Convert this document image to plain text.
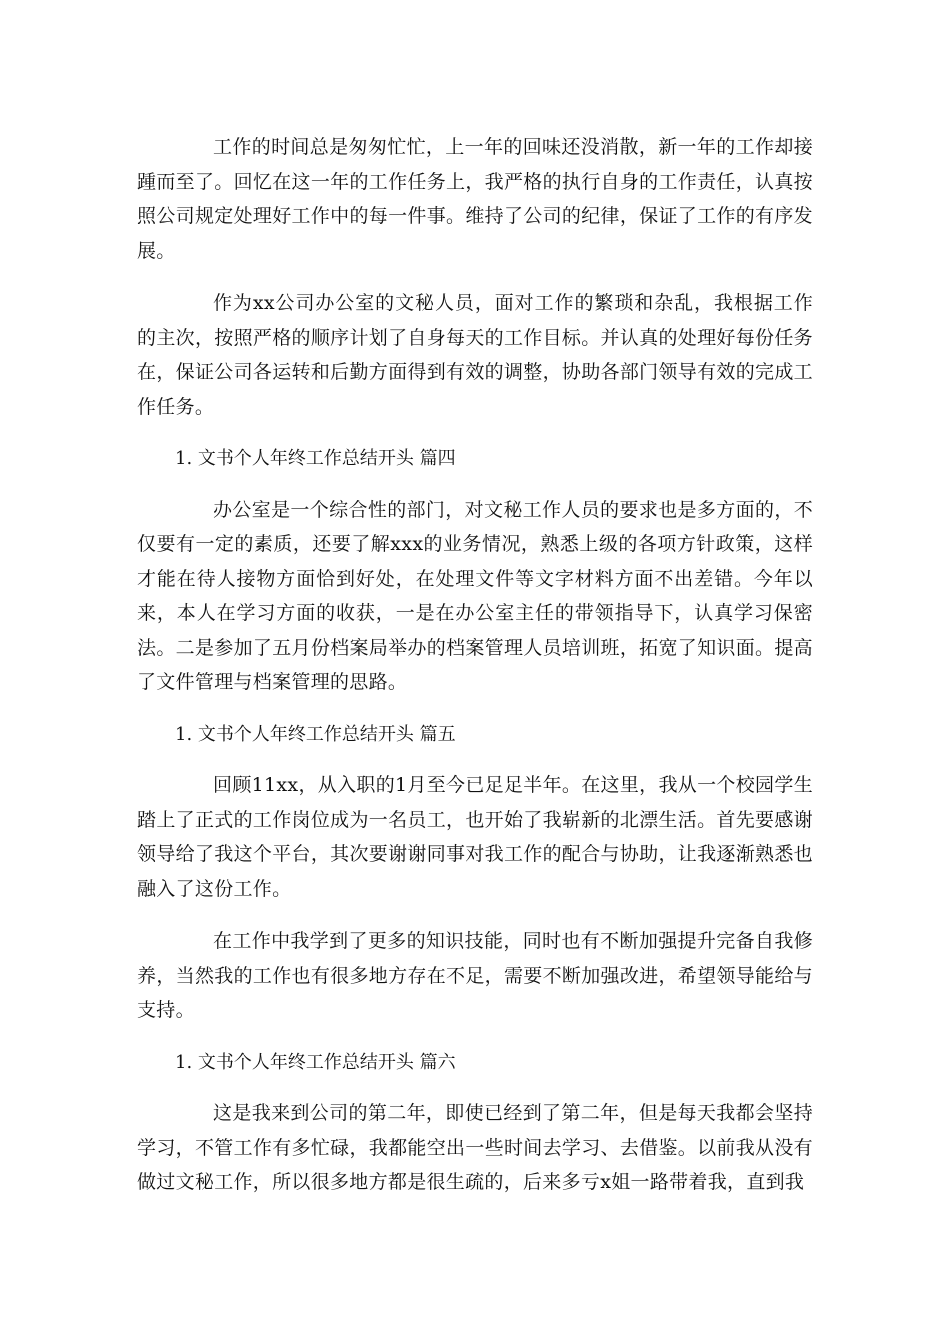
工作的时间总是匆匆忙忙，上一年的回味还没消散，新一年的工作却接踵而至了。回忆在这一年的工作任务上，我严格的执行自身的工作责任，认真按照公司规定处理好工作中的每一件事。维持了公司的纪律，保证了工作的有序发展。

作为xx公司办公室的文秘人员，面对工作的繁琐和杂乱，我根据工作的主次，按照严格的顺序计划了自身每天的工作目标。并认真的处理好每份任务在，保证公司各运转和后勤方面得到有效的调整，协助各部门领导有效的完成工作任务。

1. 文书个人年终工作总结开头 篇四

办公室是一个综合性的部门，对文秘工作人员的要求也是多方面的，不仅要有一定的素质，还要了解xxx的业务情况，熟悉上级的各项方针政策，这样才能在待人接物方面恰到好处，在处理文件等文字材料方面不出差错。今年以来，本人在学习方面的收获，一是在办公室主任的带领指导下，认真学习保密法。二是参加了五月份档案局举办的档案管理人员培训班，拓宽了知识面。提高了文件管理与档案管理的思路。

1. 文书个人年终工作总结开头 篇五

回顾11xx，从入职的1月至今已足足半年。在这里，我从一个校园学生踏上了正式的工作岗位成为一名员工，也开始了我崭新的北漂生活。首先要感谢领导给了我这个平台，其次要谢谢同事对我工作的配合与协助，让我逐渐熟悉也融入了这份工作。

在工作中我学到了更多的知识技能，同时也有不断加强提升完备自我修养，当然我的工作也有很多地方存在不足，需要不断加强改进，希望领导能给与支持。

1. 文书个人年终工作总结开头 篇六

这是我来到公司的第二年，即使已经到了第二年，但是每天我都会坚持学习，不管工作有多忙碌，我都能空出一些时间去学习、去借鉴。以前我从没有做过文秘工作，所以很多地方都是很生疏的，后来多亏x姐一路带着我，直到我
